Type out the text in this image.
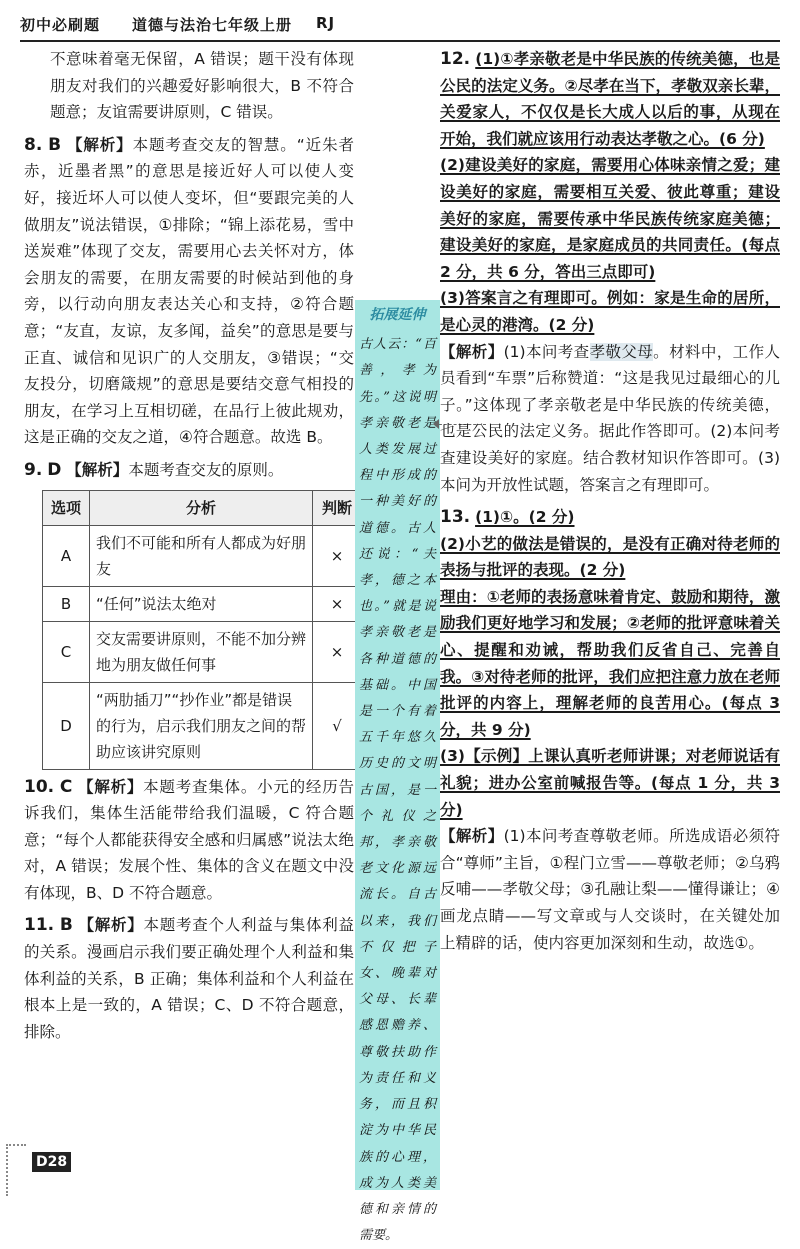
初中必刷题 道德与法治七年级上册 RJ

不意味着毫无保留，A 错误；题干没有体现朋友对我们的兴趣爱好影响很大，B 不符合题意；友谊需要讲原则，C 错误。

8. B 【解析】本题考查交友的智慧。“近朱者赤，近墨者黑”的意思是接近好人可以使人变好，接近坏人可以使人变坏，但“要跟完美的人做朋友”说法错误，①排除；“锦上添花易，雪中送炭难”体现了交友，需要用心去关怀对方，体会朋友的需要，在朋友需要的时候站到他的身旁，以行动向朋友表达关心和支持，②符合题意；“友直，友谅，友多闻，益矣”的意思是要与正直、诚信和见识广的人交朋友，③错误；“交友投分，切磨箴规”的意思是要结交意气相投的朋友，在学习上互相切磋，在品行上彼此规劝，这是正确的交友之道，④符合题意。故选 B。

9. D 【解析】本题考查交友的原则。

选项	分析	判断
A	我们不可能和所有人都成为好朋友	×
B	“任何”说法太绝对	×
C	交友需要讲原则，不能不加分辨地为朋友做任何事	×
D	“两肋插刀”“抄作业”都是错误的行为，启示我们朋友之间的帮助应该讲究原则	√

10. C 【解析】本题考查集体。小元的经历告诉我们，集体生活能带给我们温暖，C 符合题意；“每个人都能获得安全感和归属感”说法太绝对，A 错误；发展个性、集体的含义在题文中没有体现，B、D 不符合题意。

11. B 【解析】本题考查个人利益与集体利益的关系。漫画启示我们要正确处理个人利益和集体利益的关系，B 正确；集体利益和个人利益在根本上是一致的，A 错误；C、D 不符合题意，排除。

拓展延伸
古人云：“百善，孝为先。”这说明孝亲敬老是人类发展过程中形成的一种美好的道德。古人还说：“夫孝，德之本也。”就是说孝亲敬老是各种道德的基础。中国是一个有着五千年悠久历史的文明古国，是一个礼仪之邦，孝亲敬老文化源远流长。自古以来，我们不仅把子女、晚辈对父母、长辈感恩赡养、尊敬扶助作为责任和义务，而且积淀为中华民族的心理，成为人类美德和亲情的需要。

12. (1)①孝亲敬老是中华民族的传统美德，也是公民的法定义务。②尽孝在当下，孝敬双亲长辈，关爱家人，不仅仅是长大成人以后的事，从现在开始，我们就应该用行动表达孝敬之心。(6 分)

(2)建设美好的家庭，需要用心体味亲情之爱；建设美好的家庭，需要相互关爱、彼此尊重；建设美好的家庭，需要传承中华民族传统家庭美德；建设美好的家庭，是家庭成员的共同责任。(每点 2 分，共 6 分，答出三点即可)

(3)答案言之有理即可。例如：家是生命的居所，是心灵的港湾。(2 分)

【解析】(1)本问考查孝敬父母。材料中，工作人员看到“车票”后称赞道：“这是我见过最细心的儿子。”这体现了孝亲敬老是中华民族的传统美德，也是公民的法定义务。据此作答即可。(2)本问考查建设美好的家庭。结合教材知识作答即可。(3)本问为开放性试题，答案言之有理即可。

13. (1)①。(2 分)

(2)小艺的做法是错误的，是没有正确对待老师的表扬与批评的表现。(2 分)

理由：①老师的表扬意味着肯定、鼓励和期待，激励我们更好地学习和发展；②老师的批评意味着关心、提醒和劝诫，帮助我们反省自己、完善自我。③对待老师的批评，我们应把注意力放在老师批评的内容上，理解老师的良苦用心。(每点 3 分，共 9 分)

(3)【示例】上课认真听老师讲课；对老师说话有礼貌；进办公室前喊报告等。(每点 1 分，共 3 分)

【解析】(1)本问考查尊敬老师。所选成语必须符合“尊师”主旨，①程门立雪——尊敬老师；②乌鸦反哺——孝敬父母；③孔融让梨——懂得谦让；④画龙点睛——写文章或与人交谈时，在关键处加上精辟的话，使内容更加深刻和生动，故选①。

D28
